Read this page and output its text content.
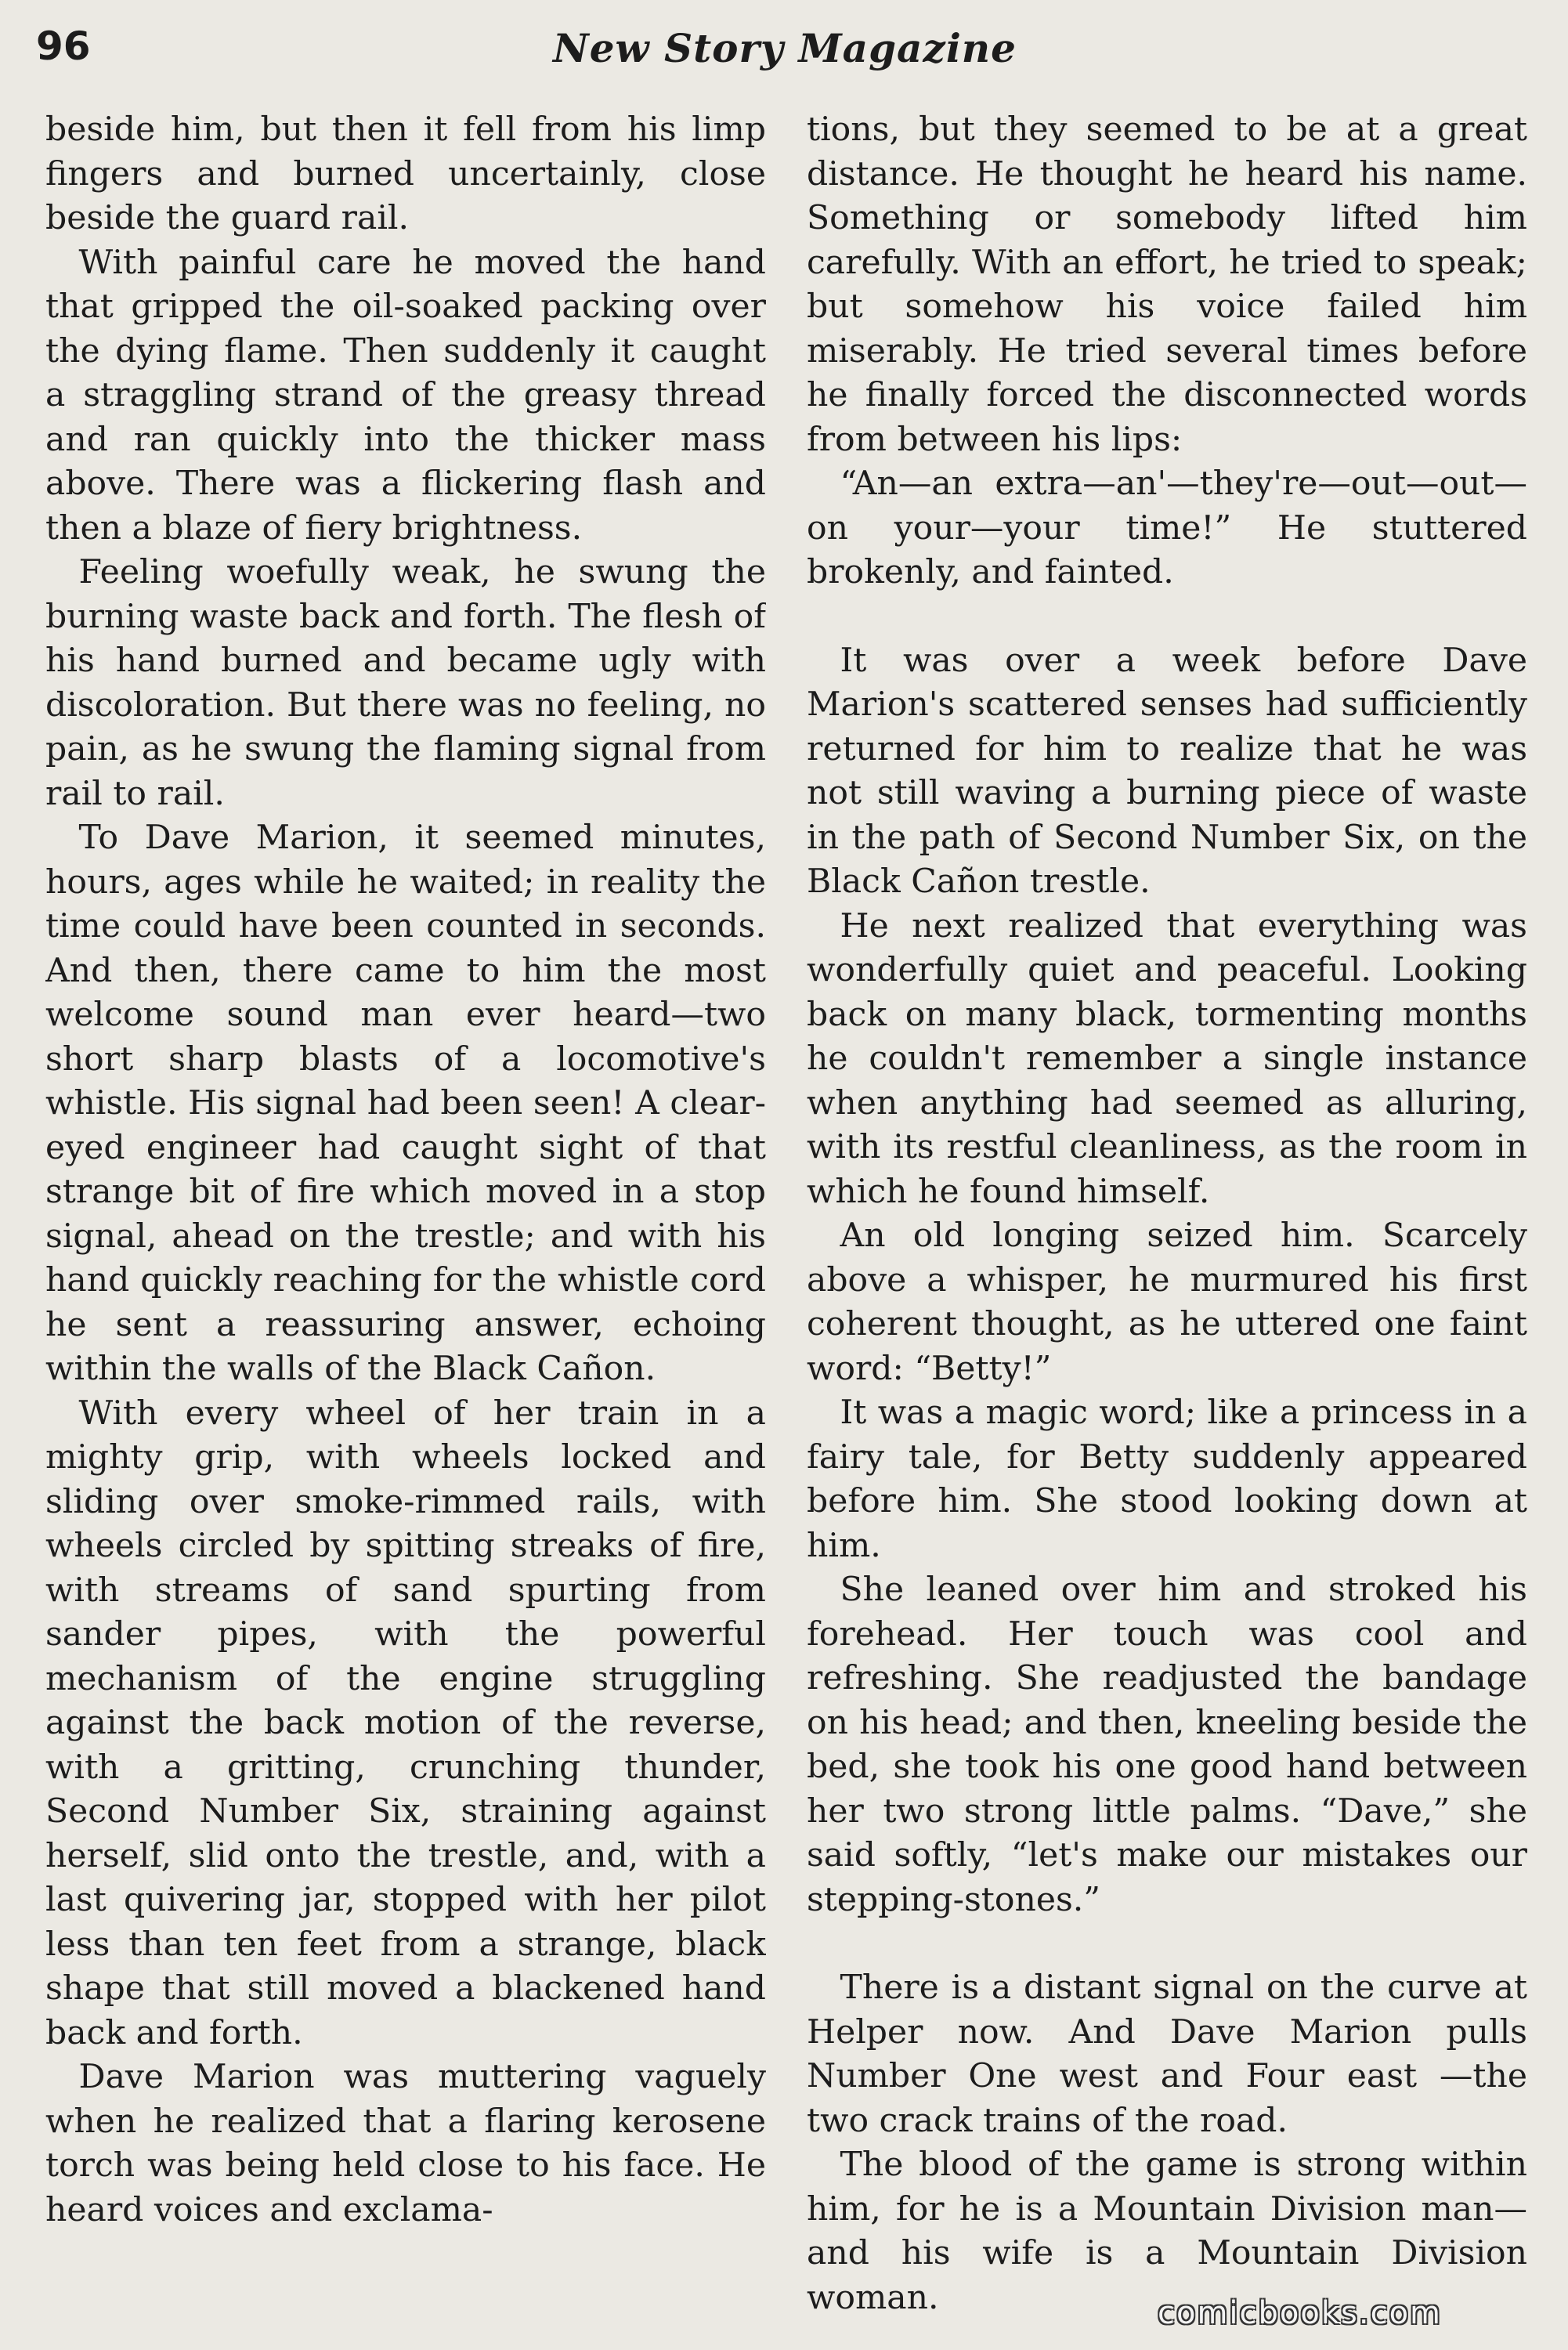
96	New Story Magazine

beside him, but then it fell from his limp fingers and burned uncertainly, close beside the guard rail.

With painful care he moved the hand that gripped the oil-soaked packing over the dying flame. Then suddenly it caught a straggling strand of the greasy thread and ran quickly into the thicker mass above. There was a flickering flash and then a blaze of fiery brightness.

Feeling woefully weak, he swung the burning waste back and forth. The flesh of his hand burned and became ugly with discoloration. But there was no feeling, no pain, as he swung the flaming signal from rail to rail.

To Dave Marion, it seemed minutes, hours, ages while he waited; in reality the time could have been counted in seconds. And then, there came to him the most welcome sound man ever heard—two short sharp blasts of a locomotive's whistle. His signal had been seen! A clear-eyed engineer had caught sight of that strange bit of fire which moved in a stop signal, ahead on the trestle; and with his hand quickly reaching for the whistle cord he sent a reassuring answer, echoing within the walls of the Black Cañon.

With every wheel of her train in a mighty grip, with wheels locked and sliding over smoke-rimmed rails, with wheels circled by spitting streaks of fire, with streams of sand spurting from sander pipes, with the powerful mechanism of the engine struggling against the back motion of the reverse, with a gritting, crunching thunder, Second Number Six, straining against herself, slid onto the trestle, and, with a last quivering jar, stopped with her pilot less than ten feet from a strange, black shape that still moved a blackened hand back and forth.

Dave Marion was muttering vaguely when he realized that a flaring kerosene torch was being held close to his face. He heard voices and exclama-

tions, but they seemed to be at a great distance. He thought he heard his name. Something or somebody lifted him carefully. With an effort, he tried to speak; but somehow his voice failed him miserably. He tried several times before he finally forced the disconnected words from between his lips:

“An—an extra—an'—they're—out—out—on your—your time!” He stuttered brokenly, and fainted.

It was over a week before Dave Marion's scattered senses had sufficiently returned for him to realize that he was not still waving a burning piece of waste in the path of Second Number Six, on the Black Cañon trestle.

He next realized that everything was wonderfully quiet and peaceful. Looking back on many black, tormenting months he couldn't remember a single instance when anything had seemed as alluring, with its restful cleanliness, as the room in which he found himself.

An old longing seized him. Scarcely above a whisper, he murmured his first coherent thought, as he uttered one faint word: “Betty!”

It was a magic word; like a princess in a fairy tale, for Betty suddenly appeared before him. She stood looking down at him.

She leaned over him and stroked his forehead. Her touch was cool and refreshing. She readjusted the bandage on his head; and then, kneeling beside the bed, she took his one good hand between her two strong little palms. “Dave,” she said softly, “let's make our mistakes our stepping-stones.”

There is a distant signal on the curve at Helper now. And Dave Marion pulls Number One west and Four east —the two crack trains of the road.

The blood of the game is strong within him, for he is a Mountain Division man—and his wife is a Mountain Division woman.	comicbooks.com
